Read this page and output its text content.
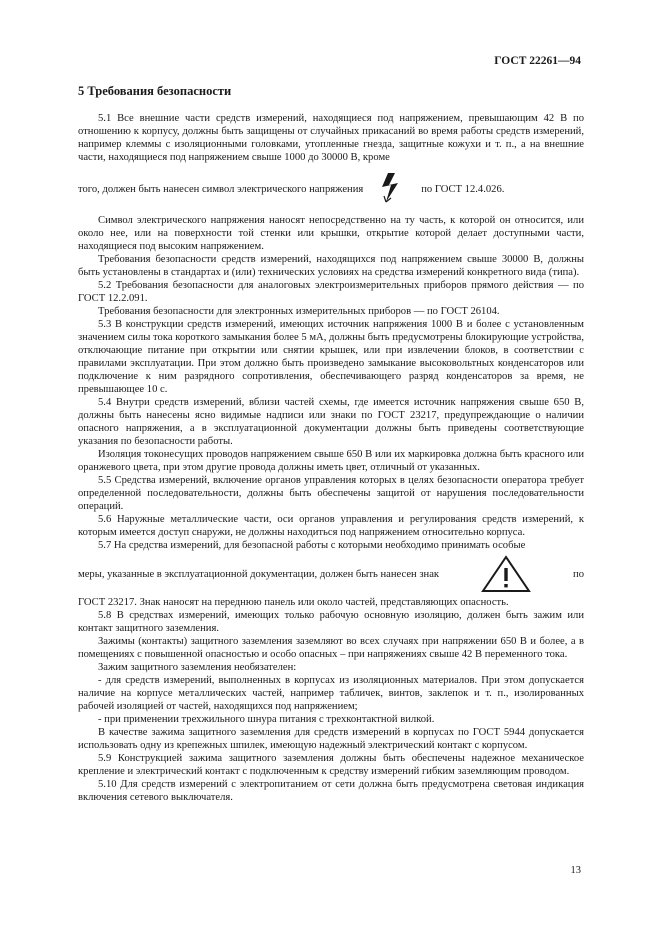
ГОСТ 22261—94
5 Требования безопасности

5.1 Все внешние части средств измерений, находящиеся под напряжением, превышающим 42 В по отношению к корпусу, должны быть защищены от случайных прикасаний во время работы средств измерений, например клеммы с изоляционными головками, утопленные гнезда, защитные кожухи и т. п., а на внешние части, находящиеся под напряжением свыше 1000 до 30000 В, кроме

того, должен быть нанесен символ электрического напряжения	по ГОСТ 12.4.026.

Символ электрического напряжения наносят непосредственно на ту часть, к которой он относится, или около нее, или на поверхности той стенки или крышки, открытие которой делает доступными части, находящиеся под высоким напряжением.

Требования безопасности средств измерений, находящихся под напряжением свыше 30000 В, должны быть установлены в стандартах и (или) технических условиях на средства измерений конкретного вида (типа).

5.2 Требования безопасности для аналоговых электроизмерительных приборов прямого действия — по ГОСТ 12.2.091.

Требования безопасности для электронных измерительных приборов — по ГОСТ 26104.

5.3 В конструкции средств измерений, имеющих источник напряжения 1000 В и более с установленным значением силы тока короткого замыкания более 5 мА, должны быть предусмотрены блокирующие устройства, отключающие питание при открытии или снятии крышек, или при извлечении блоков, в соответствии с правилами эксплуатации. При этом должно быть произведено замыкание высоковольтных конденсаторов или подключение к ним разрядного сопротивления, обеспечивающего разряд конденсаторов за время, не превышающее 10 с.

5.4 Внутри средств измерений, вблизи частей схемы, где имеется источник напряжения свыше 650 В, должны быть нанесены ясно видимые надписи или знаки по ГОСТ 23217, предупреждающие о наличии опасного напряжения, а в эксплуатационной документации должны быть приведены соответствующие указания по безопасности работы.

Изоляция токонесущих проводов напряжением свыше 650 В или их маркировка должна быть красного или оранжевого цвета, при этом другие провода должны иметь цвет, отличный от указанных.

5.5 Средства измерений, включение органов управления которых в целях безопасности оператора требует определенной последовательности, должны быть обеспечены защитой от нарушения последовательности операций.

5.6 Наружные металлические части, оси органов управления и регулирования средств измерений, к которым имеется доступ снаружи, не должны находиться под напряжением относительно корпуса.

5.7 На средства измерений, для безопасной работы с которыми необходимо принимать особые

меры, указанные в эксплуатационной документации, должен быть нанесен знак	по

ГОСТ 23217. Знак наносят на переднюю панель или около частей, представляющих опасность.

5.8 В средствах измерений, имеющих только рабочую основную изоляцию, должен быть зажим или контакт защитного заземления.

Зажимы (контакты) защитного заземления заземляют во всех случаях при напряжении 650 В и более, а в помещениях с повышенной опасностью и особо опасных – при напряжениях свыше 42 В переменного тока.

Зажим защитного заземления необязателен:

- для средств измерений, выполненных в корпусах из изоляционных материалов. При этом допускается наличие на корпусе металлических частей, например табличек, винтов, заклепок и т. п., изолированных рабочей изоляцией от частей, находящихся под напряжением;

- при применении трехжильного шнура питания с трехконтактной вилкой.

В качестве зажима защитного заземления для средств измерений в корпусах по ГОСТ 5944 допускается использовать одну из крепежных шпилек, имеющую надежный электрический контакт с корпусом.

5.9 Конструкцией зажима защитного заземления должны быть обеспечены надежное механическое крепление и электрический контакт с подключенным к средству измерений гибким заземляющим проводом.

5.10 Для средств измерений с электропитанием от сети должна быть предусмотрена световая индикация включения сетевого выключателя.

13
